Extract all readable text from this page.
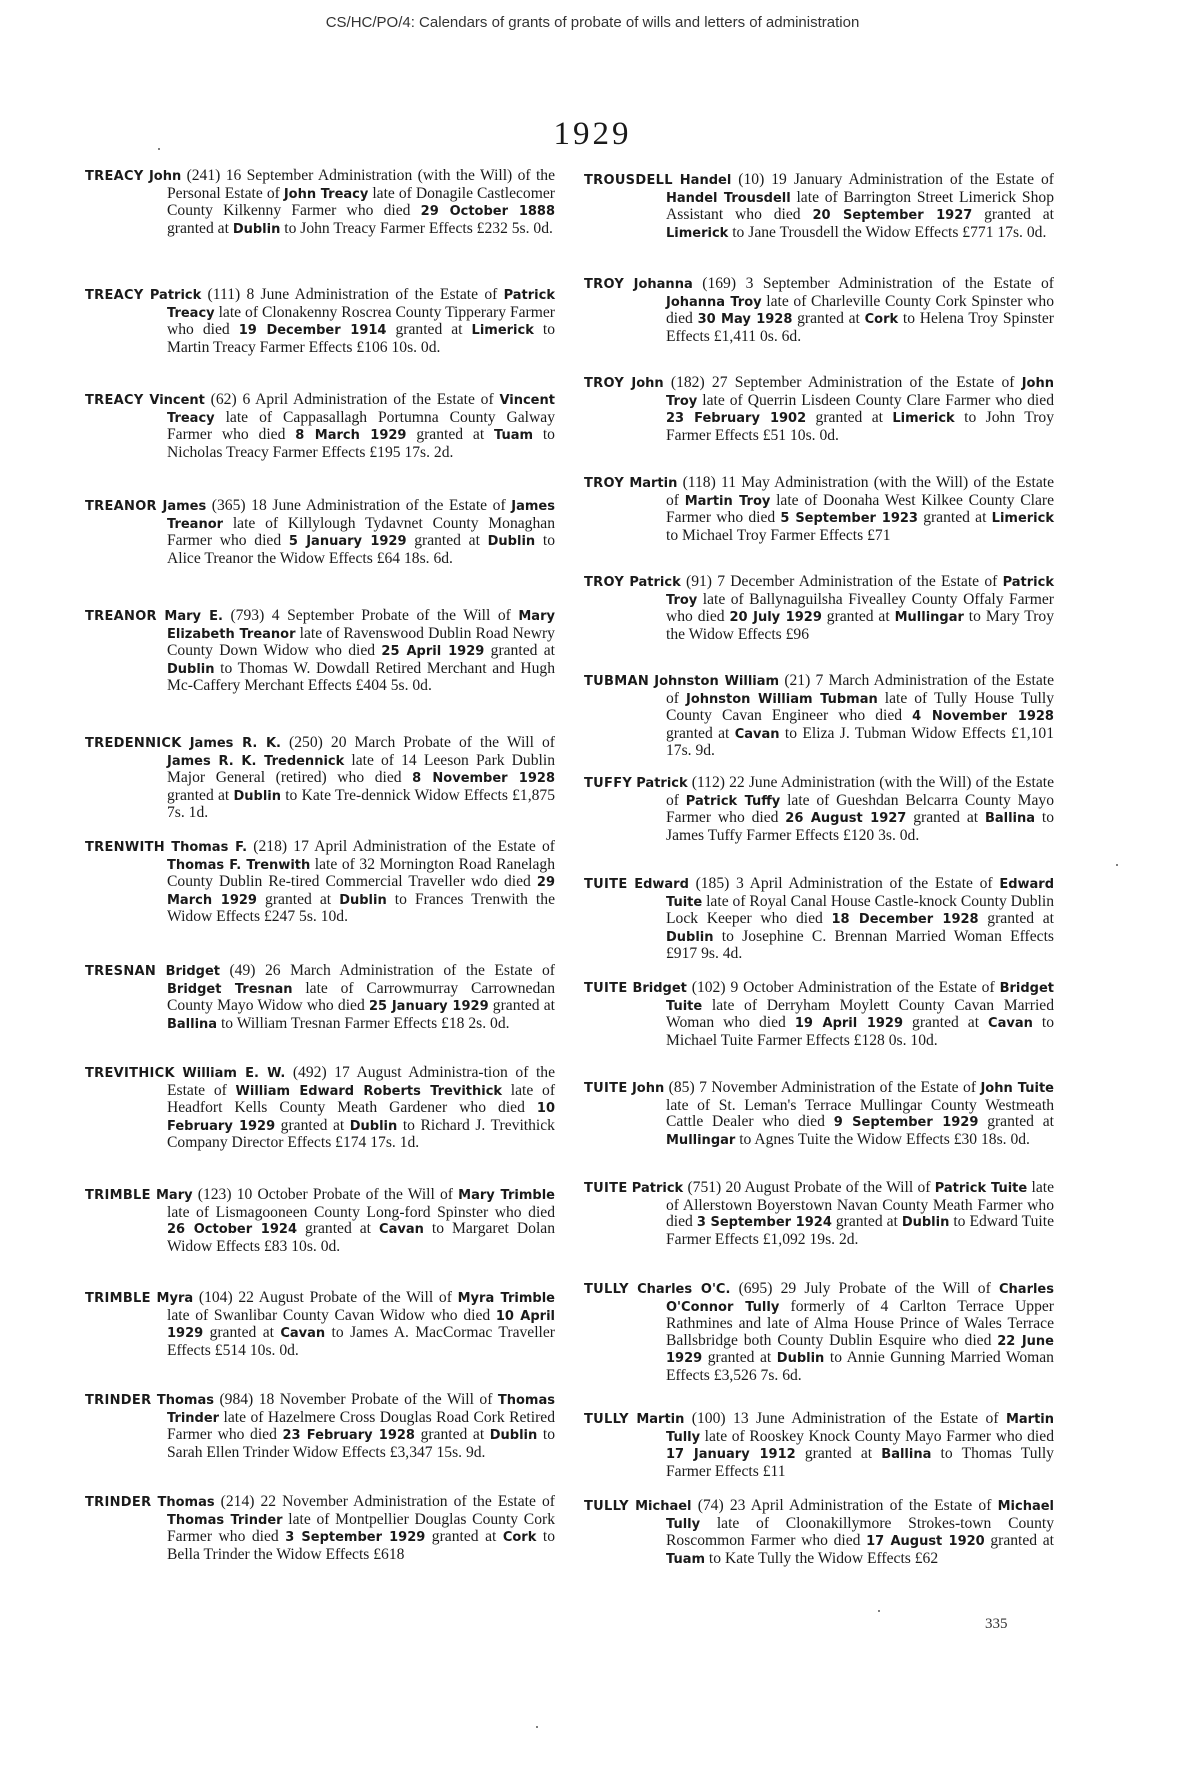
CS/HC/PO/4: Calendars of grants of probate of wills and letters of administration
1929
TREACY John (241) 16 September Administration (with the Will) of the Personal Estate of John Treacy late of Donagile Castlecomer County Kilkenny Farmer who died 29 October 1888 granted at Dublin to John Treacy Farmer Effects £232 5s. 0d.
TREACY Patrick (111) 8 June Administration of the Estate of Patrick Treacy late of Clonakenny Roscrea County Tipperary Farmer who died 19 December 1914 granted at Limerick to Martin Treacy Farmer Effects £106 10s. 0d.
TREACY Vincent (62) 6 April Administration of the Estate of Vincent Treacy late of Cappasallagh Portumna County Galway Farmer who died 8 March 1929 granted at Tuam to Nicholas Treacy Farmer Effects £195 17s. 2d.
TREANOR James (365) 18 June Administration of the Estate of James Treanor late of Killylough Tydavnet County Monaghan Farmer who died 5 January 1929 granted at Dublin to Alice Treanor the Widow Effects £64 18s. 6d.
TREANOR Mary E. (793) 4 September Probate of the Will of Mary Elizabeth Treanor late of Ravenswood Dublin Road Newry County Down Widow who died 25 April 1929 granted at Dublin to Thomas W. Dowdall Retired Merchant and Hugh Mc-Caffery Merchant Effects £404 5s. 0d.
TREDENNICK James R. K. (250) 20 March Probate of the Will of James R. K. Tredennick late of 14 Leeson Park Dublin Major General (retired) who died 8 November 1928 granted at Dublin to Kate Tre-dennick Widow Effects £1,875 7s. 1d.
TRENWITH Thomas F. (218) 17 April Administration of the Estate of Thomas F. Trenwith late of 32 Mornington Road Ranelagh County Dublin Re-tired Commercial Traveller wdo died 29 March 1929 granted at Dublin to Frances Trenwith the Widow Effects £247 5s. 10d.
TRESNAN Bridget (49) 26 March Administration of the Estate of Bridget Tresnan late of Carrowmurray Carrownedan County Mayo Widow who died 25 January 1929 granted at Ballina to William Tresnan Farmer Effects £18 2s. 0d.
TREVITHICK William E. W. (492) 17 August Administra-tion of the Estate of William Edward Roberts Trevithick late of Headfort Kells County Meath Gardener who died 10 February 1929 granted at Dublin to Richard J. Trevithick Company Director Effects £174 17s. 1d.
TRIMBLE Mary (123) 10 October Probate of the Will of Mary Trimble late of Lismagooneen County Long-ford Spinster who died 26 October 1924 granted at Cavan to Margaret Dolan Widow Effects £83 10s. 0d.
TRIMBLE Myra (104) 22 August Probate of the Will of Myra Trimble late of Swanlibar County Cavan Widow who died 10 April 1929 granted at Cavan to James A. MacCormac Traveller Effects £514 10s. 0d.
TRINDER Thomas (984) 18 November Probate of the Will of Thomas Trinder late of Hazelmere Cross Douglas Road Cork Retired Farmer who died 23 February 1928 granted at Dublin to Sarah Ellen Trinder Widow Effects £3,347 15s. 9d.
TRINDER Thomas (214) 22 November Administration of the Estate of Thomas Trinder late of Montpellier Douglas County Cork Farmer who died 3 September 1929 granted at Cork to Bella Trinder the Widow Effects £618
TROUSDELL Handel (10) 19 January Administration of the Estate of Handel Trousdell late of Barrington Street Limerick Shop Assistant who died 20 September 1927 granted at Limerick to Jane Trousdell the Widow Effects £771 17s. 0d.
TROY Johanna (169) 3 September Administration of the Estate of Johanna Troy late of Charleville County Cork Spinster who died 30 May 1928 granted at Cork to Helena Troy Spinster Effects £1,411 0s. 6d.
TROY John (182) 27 September Administration of the Estate of John Troy late of Querrin Lisdeen County Clare Farmer who died 23 February 1902 granted at Limerick to John Troy Farmer Effects £51 10s. 0d.
TROY Martin (118) 11 May Administration (with the Will) of the Estate of Martin Troy late of Doonaha West Kilkee County Clare Farmer who died 5 September 1923 granted at Limerick to Michael Troy Farmer Effects £71
TROY Patrick (91) 7 December Administration of the Estate of Patrick Troy late of Ballynaguilsha Fivealley County Offaly Farmer who died 20 July 1929 granted at Mullingar to Mary Troy the Widow Effects £96
TUBMAN Johnston William (21) 7 March Administration of the Estate of Johnston William Tubman late of Tully House Tully County Cavan Engineer who died 4 November 1928 granted at Cavan to Eliza J. Tubman Widow Effects £1,101 17s. 9d.
TUFFY Patrick (112) 22 June Administration (with the Will) of the Estate of Patrick Tuffy late of Gueshdan Belcarra County Mayo Farmer who died 26 August 1927 granted at Ballina to James Tuffy Farmer Effects £120 3s. 0d.
TUITE Edward (185) 3 April Administration of the Estate of Edward Tuite late of Royal Canal House Castle-knock County Dublin Lock Keeper who died 18 December 1928 granted at Dublin to Josephine C. Brennan Married Woman Effects £917 9s. 4d.
TUITE Bridget (102) 9 October Administration of the Estate of Bridget Tuite late of Derryham Moylett County Cavan Married Woman who died 19 April 1929 granted at Cavan to Michael Tuite Farmer Effects £128 0s. 10d.
TUITE John (85) 7 November Administration of the Estate of John Tuite late of St. Leman's Terrace Mullingar County Westmeath Cattle Dealer who died 9 September 1929 granted at Mullingar to Agnes Tuite the Widow Effects £30 18s. 0d.
TUITE Patrick (751) 20 August Probate of the Will of Patrick Tuite late of Allerstown Boyerstown Navan County Meath Farmer who died 3 September 1924 granted at Dublin to Edward Tuite Farmer Effects £1,092 19s. 2d.
TULLY Charles O'C. (695) 29 July Probate of the Will of Charles O'Connor Tully formerly of 4 Carlton Terrace Upper Rathmines and late of Alma House Prince of Wales Terrace Ballsbridge both County Dublin Esquire who died 22 June 1929 granted at Dublin to Annie Gunning Married Woman Effects £3,526 7s. 6d.
TULLY Martin (100) 13 June Administration of the Estate of Martin Tully late of Rooskey Knock County Mayo Farmer who died 17 January 1912 granted at Ballina to Thomas Tully Farmer Effects £11
TULLY Michael (74) 23 April Administration of the Estate of Michael Tully late of Cloonakillymore Strokes-town County Roscommon Farmer who died 17 August 1920 granted at Tuam to Kate Tully the Widow Effects £62
335
